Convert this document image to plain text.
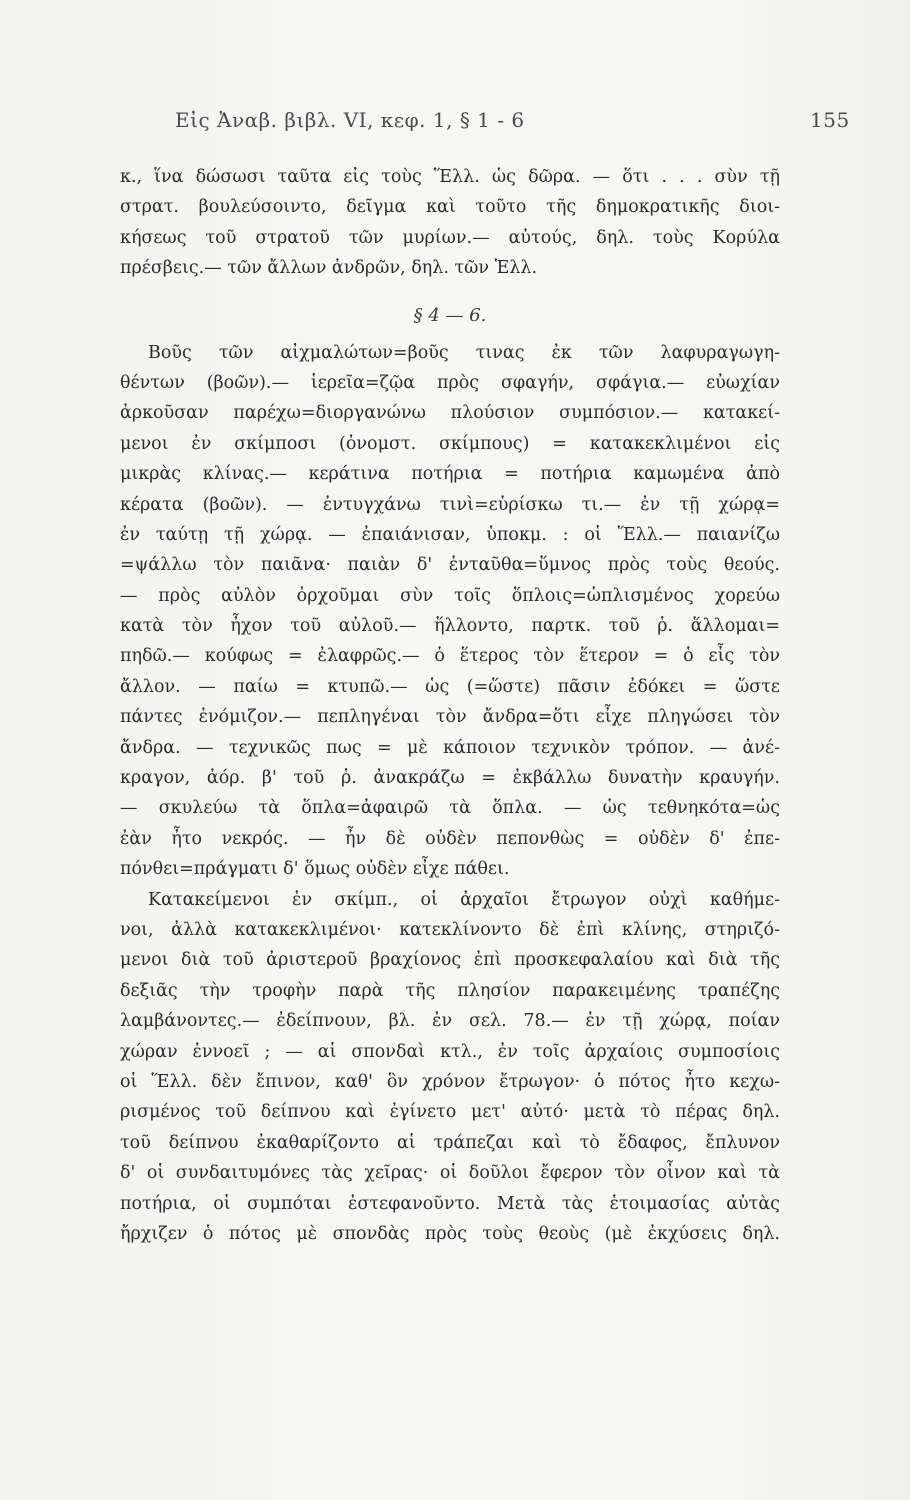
Εἰς Ἀναβ. βιβλ. VI, κεφ. 1, § 1 - 6	155
κ., ἵνα δώσωσι ταῦτα εἰς τοὺς Ἕλλ. ὡς δῶρα. — ὅτι . . . σὺν τῇ
στρατ. βουλεύσοιντο, δεῖγμα καὶ τοῦτο τῆς δημοκρατικῆς διοι-
κήσεως τοῦ στρατοῦ τῶν μυρίων.— αὐτούς, δηλ. τοὺς Κορύλα
πρέσβεις.— τῶν ἄλλων ἀνδρῶν, δηλ. τῶν Ἑλλ.
§ 4 — 6.
Βοῦς τῶν αἰχμαλώτων=βοῦς τινας ἐκ τῶν λαφυραγωγη-
θέντων (βοῶν).— ἱερεῖα=ζῷα πρὸς σφαγήν, σφάγια.— εὐωχίαν
ἀρκοῦσαν παρέχω=διοργανώνω πλούσιον συμπόσιον.— κατακεί-
μενοι ἐν σκίμποσι (ὀνομστ. σκίμπους) = κατακεκλιμένοι εἰς
μικρὰς κλίνας.— κεράτινα ποτήρια = ποτήρια καμωμένα ἀπὸ
κέρατα (βοῶν). — ἐντυγχάνω τινὶ=εὑρίσκω τι.— ἐν τῇ χώρᾳ=
ἐν ταύτῃ τῇ χώρᾳ. — ἐπαιάνισαν, ὑποκμ. : οἱ Ἕλλ.— παιανίζω
=ψάλλω τὸν παιᾶνα· παιὰν δ' ἐνταῦθα=ὕμνος πρὸς τοὺς θεούς.
— πρὸς αὐλὸν ὀρχοῦμαι σὺν τοῖς ὅπλοις=ὡπλισμένος χορεύω
κατὰ τὸν ἦχον τοῦ αὐλοῦ.— ἥλλοντο, παρτκ. τοῦ ῥ. ἅλλομαι=
πηδῶ.— κούφως = ἐλαφρῶς.— ὁ ἕτερος τὸν ἕτερον = ὁ εἷς τὸν
ἄλλον. — παίω = κτυπῶ.— ὡς (=ὥστε) πᾶσιν ἐδόκει = ὥστε
πάντες ἐνόμιζον.— πεπληγέναι τὸν ἄνδρα=ὅτι εἶχε πληγώσει τὸν
ἄνδρα. — τεχνικῶς πως = μὲ κάποιον τεχνικὸν τρόπον. — ἀνέ-
κραγον, ἀόρ. β' τοῦ ῥ. ἀνακράζω = ἐκβάλλω δυνατὴν κραυγήν.
— σκυλεύω τὰ ὅπλα=ἀφαιρῶ τὰ ὅπλα. — ὡς τεθνηκότα=ὡς
ἐὰν ἦτο νεκρός. — ἦν δὲ οὐδὲν πεπονθὼς = οὐδὲν δ' ἐπε-
πόνθει=πράγματι δ' ὅμως οὐδὲν εἶχε πάθει.
Κατακείμενοι ἐν σκίμπ., οἱ ἀρχαῖοι ἔτρωγον οὐχὶ καθήμε-
νοι, ἀλλὰ κατακεκλιμένοι· κατεκλίνοντο δὲ ἐπὶ κλίνης, στηριζό-
μενοι διὰ τοῦ ἀριστεροῦ βραχίονος ἐπὶ προσκεφαλαίου καὶ διὰ τῆς
δεξιᾶς τὴν τροφὴν παρὰ τῆς πλησίον παρακειμένης τραπέζης
λαμβάνοντες.— ἐδείπνουν, βλ. ἐν σελ. 78.— ἐν τῇ χώρᾳ, ποίαν
χώραν ἐννοεῖ ; — αἱ σπονδαὶ κτλ., ἐν τοῖς ἀρχαίοις συμποσίοις
οἱ Ἕλλ. δὲν ἔπινον, καθ' ὃν χρόνον ἔτρωγον· ὁ πότος ἦτο κεχω-
ρισμένος τοῦ δείπνου καὶ ἐγίνετο μετ' αὐτό· μετὰ τὸ πέρας δηλ.
τοῦ δείπνου ἐκαθαρίζοντο αἱ τράπεζαι καὶ τὸ ἔδαφος, ἔπλυνον
δ' οἱ συνδαιτυμόνες τὰς χεῖρας· οἱ δοῦλοι ἔφερον τὸν οἶνον καὶ τὰ
ποτήρια, οἱ συμπόται ἐστεφανοῦντο. Μετὰ τὰς ἑτοιμασίας αὐτὰς
ἤρχιζεν ὁ πότος μὲ σπονδὰς πρὸς τοὺς θεοὺς (μὲ ἐκχύσεις δηλ.
